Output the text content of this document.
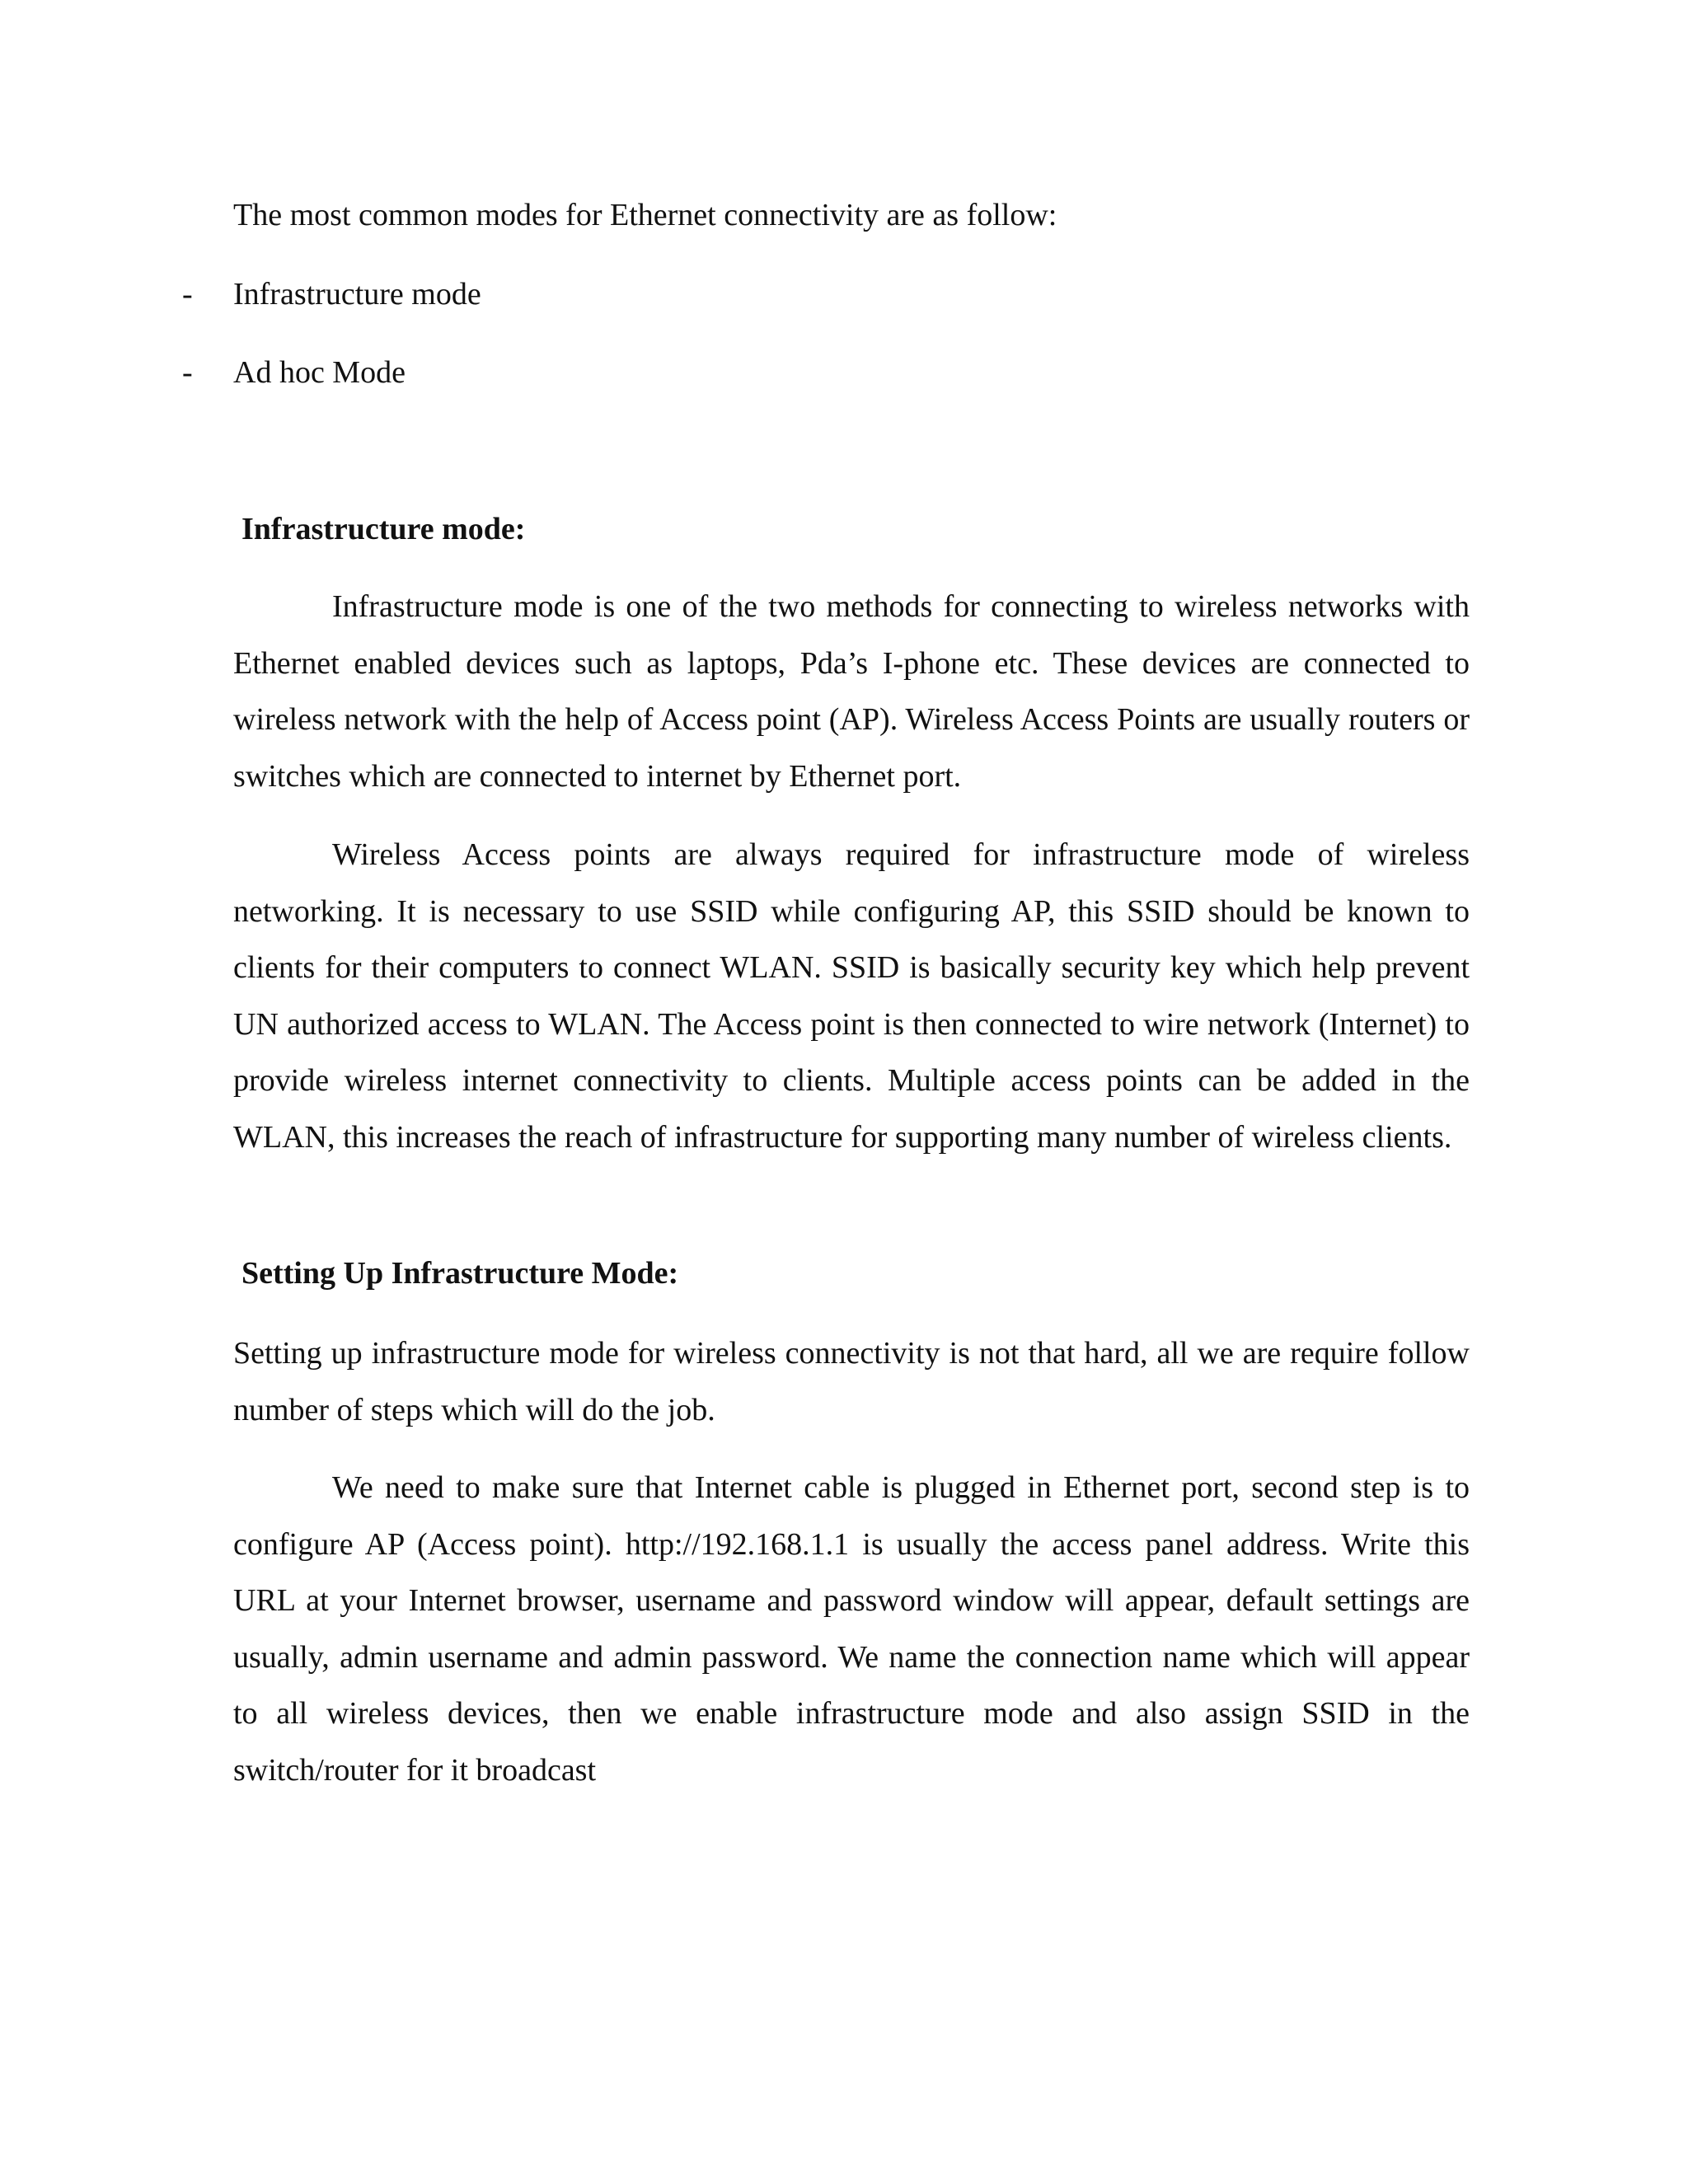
The most common modes for Ethernet connectivity are as follow:
- Infrastructure mode
- Ad hoc Mode
Infrastructure mode:

Infrastructure mode is one of the two methods for connecting to wireless networks with Ethernet enabled devices such as laptops, Pda’s I-phone etc. These devices are connected to wireless network with the help of Access point (AP). Wireless Access Points are usually routers or switches which are connected to internet by Ethernet port.

Wireless Access points are always required for infrastructure mode of wireless networking. It is necessary to use SSID while configuring AP, this SSID should be known to clients for their computers to connect WLAN. SSID is basically security key which help prevent UN authorized access to WLAN. The Access point is then connected to wire network (Internet) to provide wireless internet connectivity to clients. Multiple access points can be added in the WLAN, this increases the reach of infrastructure for supporting many number of wireless clients.

Setting Up Infrastructure Mode:

Setting up infrastructure mode for wireless connectivity is not that hard, all we are require follow number of steps which will do the job.

We need to make sure that Internet cable is plugged in Ethernet port, second step is to configure AP (Access point). http://192.168.1.1 is usually the access panel address. Write this URL at your Internet browser, username and password window will appear, default settings are usually, admin username and admin password. We name the connection name which will appear to all wireless devices, then we enable infrastructure mode and also assign SSID in the switch/router for it broadcast
